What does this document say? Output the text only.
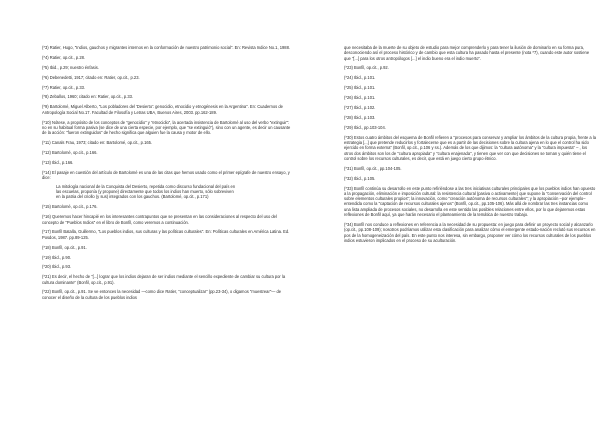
(*3) Ratier, Hugo, "Indios, gauchos y migrantes internos en la conformación de nuestro patrimonio social". En: Revista Indice No.1, 1988.

(*4) Ratier, op.cit., p.28.

(*5) Ibid., p.29; nuestro énfasis.

(*6) Debenedetti, 1917; citado en: Ratier, op.cit., p.23.

(*7) Ratier, op.cit., p.33.

(*8) Zeballos, 1960; citado en: Ratier, op.cit., p.33.

(*9) Bartolomé, Miguel Alberto, "Los pobladores del 'Desierto': genocidio, etnocidio y etnogénesis en la Argentina". En: Cuadernos de Antropología Social No.17. Facultad de Filosofía y Letras UBA, Buenos Aires, 2003. pp.162-189.

(*10) Nótese, a propósito de los conceptos de "genocidio" y "etnocidio", la acertada insistencia de Bartolomé al uso del verbo "extinguir": no en su habitual forma pasiva (se dice de una cierta especie, por ejemplo, que "se extinguió"), sino con un agente, es decir un causante de la acción: "fueron extinguidos" de hecho significa que alguien fue la causa y motor de ello.

(*11) Canals Frau, 1973; citado en: Bartolomé, op.cit., p.165.

(*12) Bartolomé, op.cit., p.166.

(*13) Ibid., p.166.

(*14) El pasaje en cuestión del artículo de Bartolomé es una de las citas que hemos usado como el primer epígrafe de nuestro ensayo, y dice:

La mitología nacional de la Conquista del Desierto, repetida como discurso fundacional del país en las escuelas, proponía (y propone) directamente que todos los indios han muerto, sólo sobreviven en la patria del criollo (y sus) integrados con los gauchos. (Bartolomé, op.cit., p.171)

(*15) Bartolomé, op.cit., p.176.

(*16) Queremos hacer hincapié en los interesantes contrapuntos que se presentan en las consideraciones al respecto del uso del concepto de "Pueblos Indios" en el libro de Bonfil, como veremos a continuación.

(*17) Bonfil Batalla, Guillermo, "Los pueblos indios, sus culturas y las políticas culturales". En: Políticas culturales en América Latina. Ed. Posdos, 1987. pp.89-125.

(*18) Bonfil, op.cit., p.91.

(*19) Ibid., p.90.

(*20) Ibid., p.93.

(*21) Es decir, el hecho de "[...] lograr que los indios dejaran de ser indios mediante el sencillo expediente de cambiar su cultura por la cultura dominante" (Bonfil, op.cit., p.91).

(*22) Bonfil, op.cit., p.91. Se ve entonces la necesidad —como dice Ratier, "conceptualizar" (pp.23-34), o digamos "muestrear"— de conocer el diseño de la cultura de los pueblos indios

que necesitaba de la muerte de su objeto de estudio para mejor comprenderlo y para tener la ilusión de dominarlo en su forma pura, desconociendo así el proceso histórico y de cambio que esta cultura ha pasado hasta el presente (nota *7), cuando este autor sostiene que "[...] para los otros antropólogos [...] el indio bueno era el indio muerto".

(*23) Bonfil, op.cit., p.92.

(*24) Ibid., p.101.

(*25) Ibid., p.101.

(*26) Ibid., p.101.

(*27) Ibid., p.102.

(*28) Ibid., p.103.

(*29) Ibid., pp.103-104.

(*30) Estos cuatro ámbitos del esquema de Bonfil refieren a "procesos para conservar y ampliar los ámbitos de la cultura propia, frente a la estrategia [...] que pretende reducirlos y fortalecerse que es a partir de las decisiones sobre la cultura ajena en lo que el control ha sido ejercido en forma externa" (Bonfil, op.cit., p.106 y ss.). Además de los que dijimos: la "cultura autónoma" y la "cultura impuesta" – , los otros dos ámbitos son los de "cultura apropiada" y "cultura enajenada", y tienen que ver con que decisiones se toman y quién tiene el control sobre los recursos culturales, es decir, que está en juego cierto grupo étnico.

(*31) Bonfil, op.cit., pp.104-105.

(*32) Ibid., p.105.

(*33) Bonfil continúa su desarrollo en este punto refiriéndose a las tres iniciativas culturales principales que los pueblos indios han opuesto a la propagación, eliminación e imposición cultural: la resistencia cultural (pasiva o activamente) que supone la "conservación del control sobre elementos culturales propios"; la innovación, como "creación autónoma de recursos culturales"; y la apropiación –por ejemplo– entendida como la "captación de recursos culturales ajenos" (Bonfil, op.cit., pp.105-106). Más allá de nombrar las tres instancias como una lista ampliada de procesos sociales, no desarrolla en este sentido las posibles relaciones entre ellos, por lo que dejaremos estas reflexiones de Bonfil aquí, ya que harán necesario el planteamiento de la temática de nuestro trabajo.

(*34) Bonfil nos conduce a reflexiones en referencia a la necesidad de su propuesta: en juego para definir un proyecto social y alcanzarlo (op.cit., pp.108-109); nosotros podríamos utilizar esta clasificación para analizar cómo el emergente estado-nación reclutó sus recursos en pos de la homogeneización del país. En este punto nos interesa, sin embargo, proponer ver cómo los recursos culturales de los pueblos indios estuvieron implicados en el proceso de su aculturación.
